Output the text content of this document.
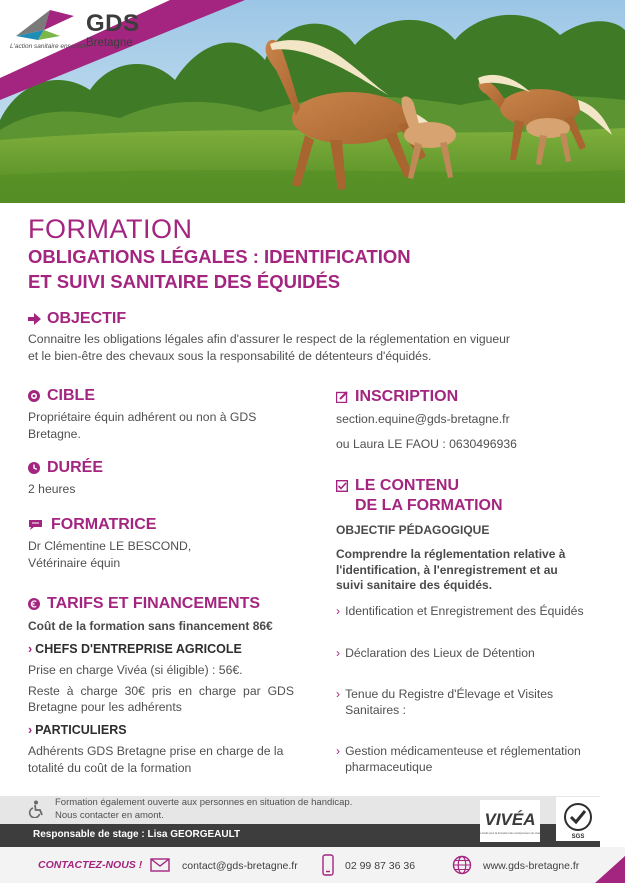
GDS
Bretagne
L'action sanitaire ensemble
FORMATION
OBLIGATIONS LÉGALES : IDENTIFICATION
ET SUIVI SANITAIRE DES ÉQUIDÉS
OBJECTIF
Connaitre les obligations légales afin d'assurer le respect de la réglementation en vigueur
et le bien-être des chevaux sous la responsabilité de détenteurs d'équidés.
CIBLE
Propriétaire équin adhérent ou non à GDS
Bretagne.
DURÉE
2 heures
FORMATRICE
Dr Clémentine LE BESCOND,
Vétérinaire équin
TARIFS ET FINANCEMENTS
Coût de la formation sans financement 86€
› CHEFS D'ENTREPRISE AGRICOLE
Prise en charge Vivéa (si éligible) : 56€.
Reste à charge 30€ pris en charge par GDS
Bretagne pour les adhérents
› PARTICULIERS
Adhérents GDS Bretagne prise en charge de la
totalité du coût de la formation
INSCRIPTION
section.equine@gds-bretagne.fr
ou Laura LE FAOU : 0630496936
LE CONTENU
DE LA FORMATION
OBJECTIF PÉDAGOGIQUE
Comprendre la réglementation relative à
l'identification, à l'enregistrement et au
suivi sanitaire des équidés.
› Identification et Enregistrement des Équidés
› Déclaration des Lieux de Détention
› Tenue du Registre d'Élevage et Visites
Sanitaires :
› Gestion médicamenteuse et réglementation
pharmaceutique
Formation également ouverte aux personnes en situation de handicap.
Nous contacter en amont.
Responsable de stage : Lisa GEORGEAULT
VIVÉA
Le fonds pour la formation des entrepreneurs du vivant
SGS
CONTACTEZ-NOUS !	contact@gds-bretagne.fr	02 99 87 36 36	www.gds-bretagne.fr
